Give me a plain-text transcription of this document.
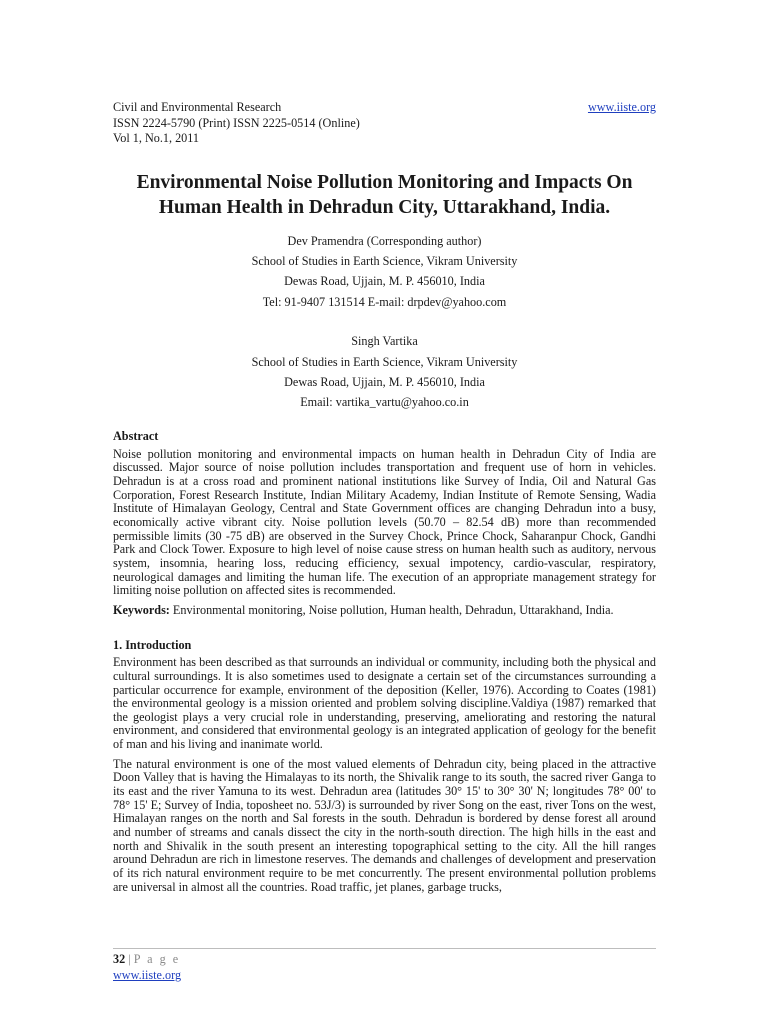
Civil and Environmental Research
ISSN 2224-5790 (Print) ISSN 2225-0514 (Online)
Vol 1, No.1, 2011
www.iiste.org
Environmental Noise Pollution Monitoring and Impacts On
Human Health in Dehradun City, Uttarakhand, India.
Dev Pramendra (Corresponding author)
School of Studies in Earth Science, Vikram University
Dewas Road, Ujjain, M. P. 456010, India
Tel: 91-9407 131514 E-mail: drpdev@yahoo.com
Singh Vartika
School of Studies in Earth Science, Vikram University
Dewas Road, Ujjain, M. P. 456010, India
Email: vartika_vartu@yahoo.co.in
Abstract

Noise pollution monitoring and environmental impacts on human health in Dehradun City of India are discussed. Major source of noise pollution includes transportation and frequent use of horn in vehicles. Dehradun is at a cross road and prominent national institutions like Survey of India, Oil and Natural Gas Corporation, Forest Research Institute, Indian Military Academy, Indian Institute of Remote Sensing, Wadia Institute of Himalayan Geology, Central and State Government offices are changing Dehradun into a busy, economically active vibrant city. Noise pollution levels (50.70 – 82.54 dB) more than recommended permissible limits (30 -75 dB) are observed in the Survey Chock, Prince Chock, Saharanpur Chock, Gandhi Park and Clock Tower. Exposure to high level of noise cause stress on human health such as auditory, nervous system, insomnia, hearing loss, reducing efficiency, sexual impotency, cardio-vascular, respiratory, neurological damages and limiting the human life. The execution of an appropriate management strategy for limiting noise pollution on affected sites is recommended.

Keywords: Environmental monitoring, Noise pollution, Human health, Dehradun, Uttarakhand, India.

1. Introduction

Environment has been described as that surrounds an individual or community, including both the physical and cultural surroundings. It is also sometimes used to designate a certain set of the circumstances surrounding a particular occurrence for example, environment of the deposition (Keller, 1976). According to Coates (1981) the environmental geology is a mission oriented and problem solving discipline.Valdiya (1987) remarked that the geologist plays a very crucial role in understanding, preserving, ameliorating and restoring the natural environment, and considered that environmental geology is an integrated application of geology for the benefit of man and his living and inanimate world.

The natural environment is one of the most valued elements of Dehradun city, being placed in the attractive Doon Valley that is having the Himalayas to its north, the Shivalik range to its south, the sacred river Ganga to its east and the river Yamuna to its west. Dehradun area (latitudes 30° 15' to 30° 30' N; longitudes 78° 00' to 78° 15' E; Survey of India, toposheet no. 53J/3) is surrounded by river Song on the east, river Tons on the west, Himalayan ranges on the north and Sal forests in the south. Dehradun is bordered by dense forest all around and number of streams and canals dissect the city in the north-south direction. The high hills in the east and north and Shivalik in the south present an interesting topographical setting to the city. All the hill ranges around Dehradun are rich in limestone reserves. The demands and challenges of development and preservation of its rich natural environment require to be met concurrently. The present environmental pollution problems are universal in almost all the countries. Road traffic, jet planes, garbage trucks,

32 | P a g e
www.iiste.org
